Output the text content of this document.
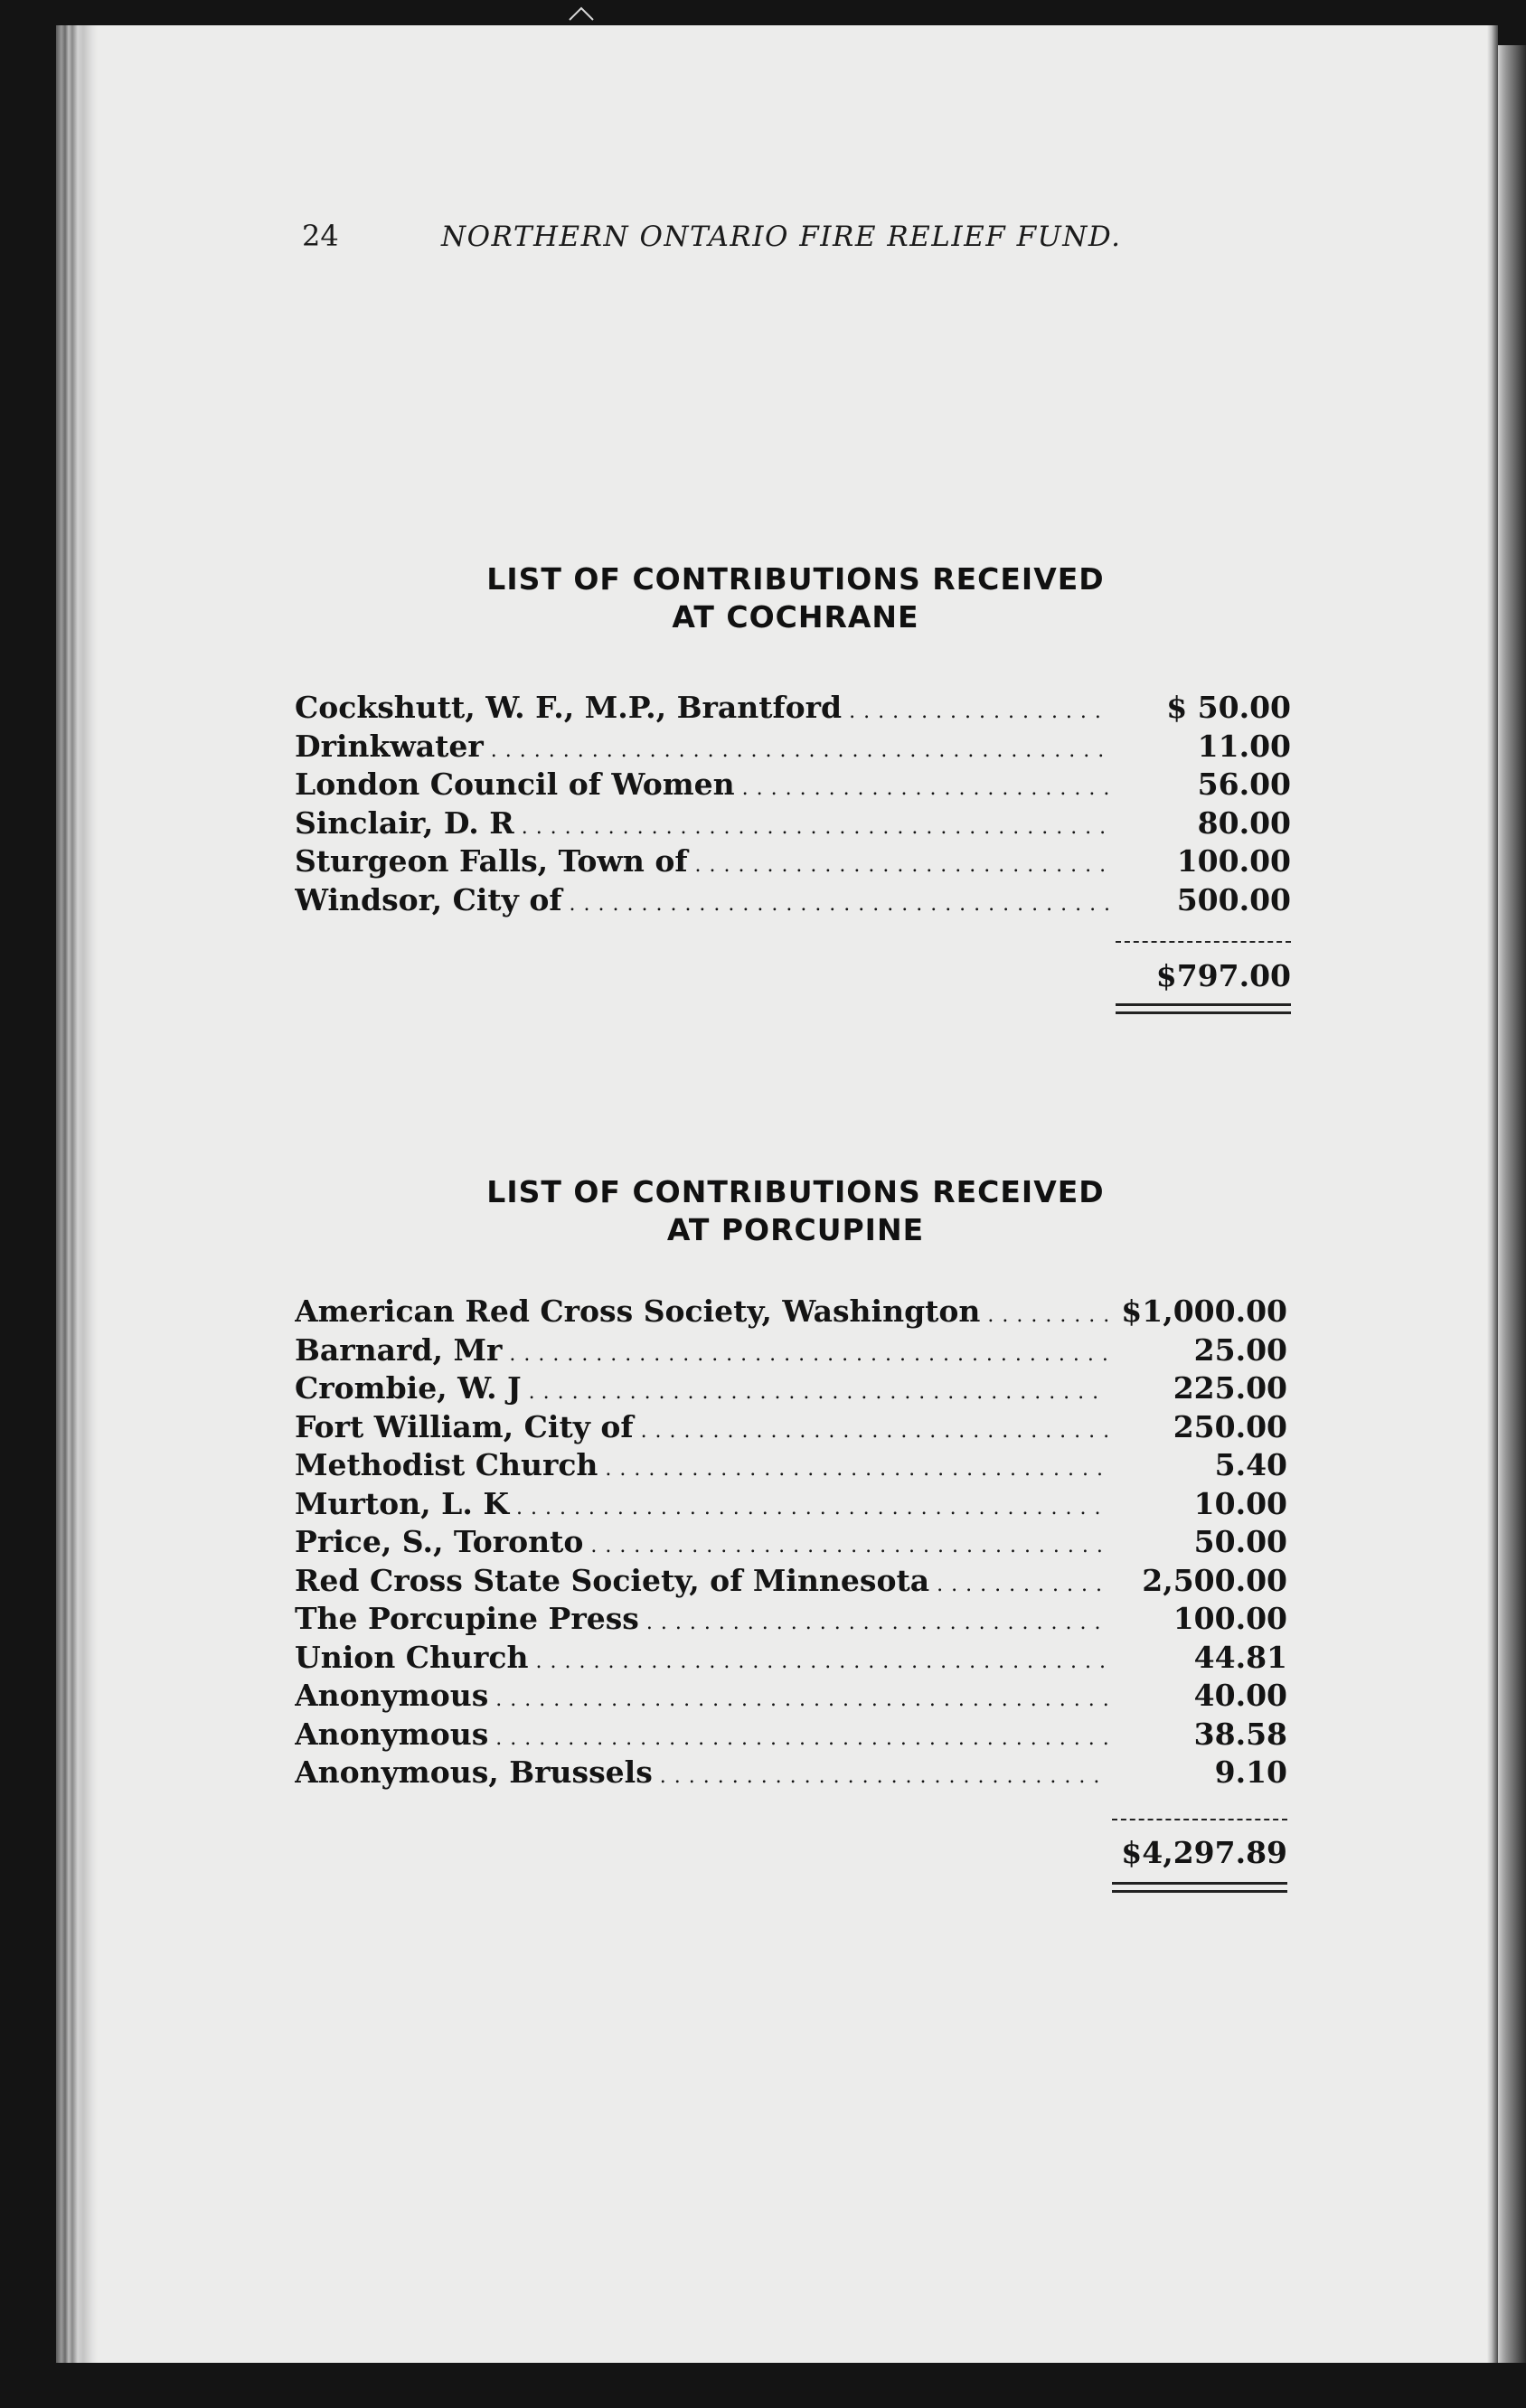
24	NORTHERN ONTARIO FIRE RELIEF FUND.
LIST OF CONTRIBUTIONS RECEIVED
AT COCHRANE
Cockshutt, W. F., M.P., Brantford . . .	$ 50.00
Drinkwater . . .	11.00
London Council of Women . . .	56.00
Sinclair, D. R . . .	80.00
Sturgeon Falls, Town of . . .	100.00
Windsor, City of . . .	500.00
$797.00
LIST OF CONTRIBUTIONS RECEIVED
AT PORCUPINE
American Red Cross Society, Washington . . .	$1,000.00
Barnard, Mr . . .	25.00
Crombie, W. J . . .	225.00
Fort William, City of . . .	250.00
Methodist Church . . .	5.40
Murton, L. K . . .	10.00
Price, S., Toronto . . .	50.00
Red Cross State Society, of Minnesota . . .	2,500.00
The Porcupine Press . . .	100.00
Union Church . . .	44.81
Anonymous . . .	40.00
Anonymous . . .	38.58
Anonymous, Brussels . . .	9.10
$4,297.89
